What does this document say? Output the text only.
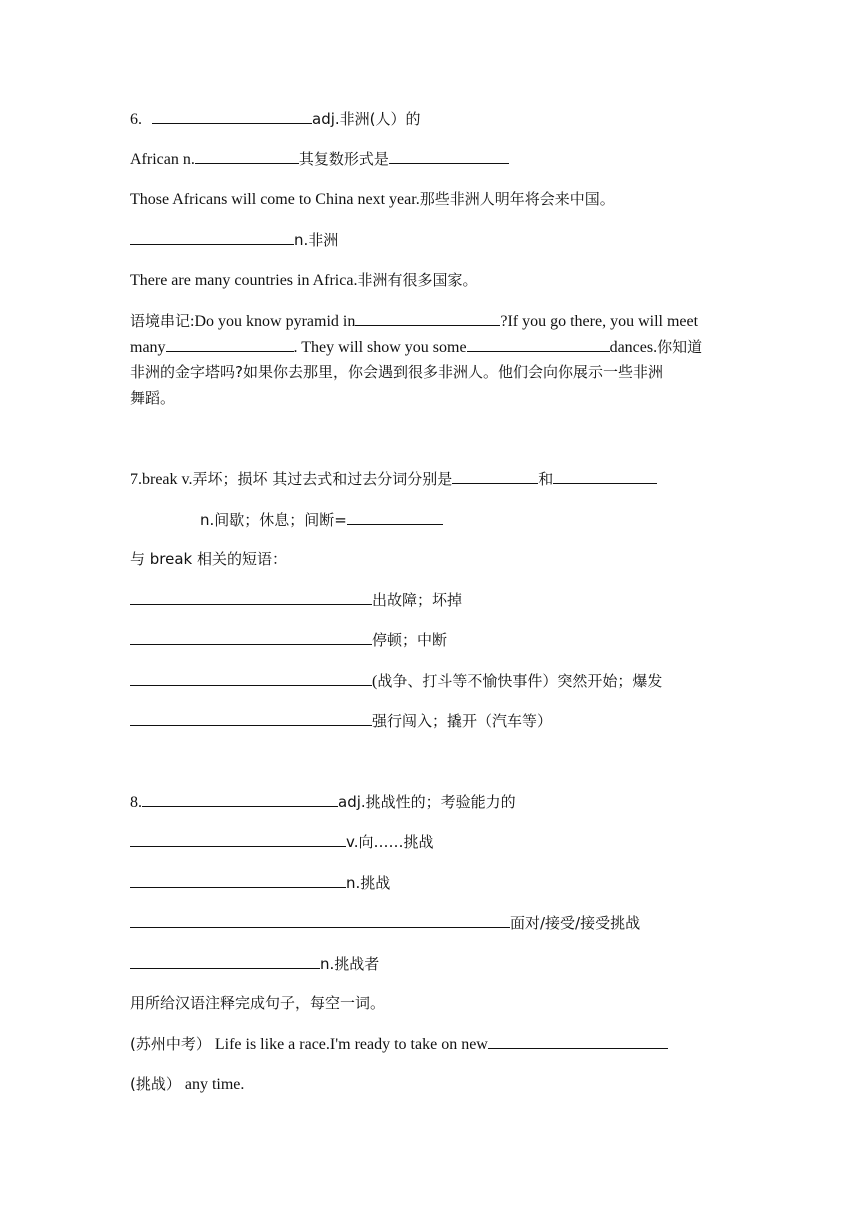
6.	adj.非洲(人）的
African n.	其复数形式是
Those Africans will come to China next year.那些非洲人明年将会来中国。
n.非洲
There are many countries in Africa.非洲有很多国家。
语境串记:Do you know pyramid in	?If you go there, you will meet
many	. They will show you some	dances.你知道
非洲的金字塔吗?如果你去那里，你会遇到很多非洲人。他们会向你展示一些非洲
舞蹈。
7.break v.弄坏；损坏 其过去式和过去分词分别是	和
n.间歇；休息；间断=
与 break 相关的短语：
出故障；坏掉
停顿；中断
(战争、打斗等不愉快事件）突然开始；爆发
强行闯入；撬开（汽车等）
8.	adj.挑战性的；考验能力的
v.向……挑战
n.挑战
面对/接受/接受挑战
n.挑战者
用所给汉语注释完成句子，每空一词。
(苏州中考） Life is like a race.I'm ready to take on new
(挑战） any time.
